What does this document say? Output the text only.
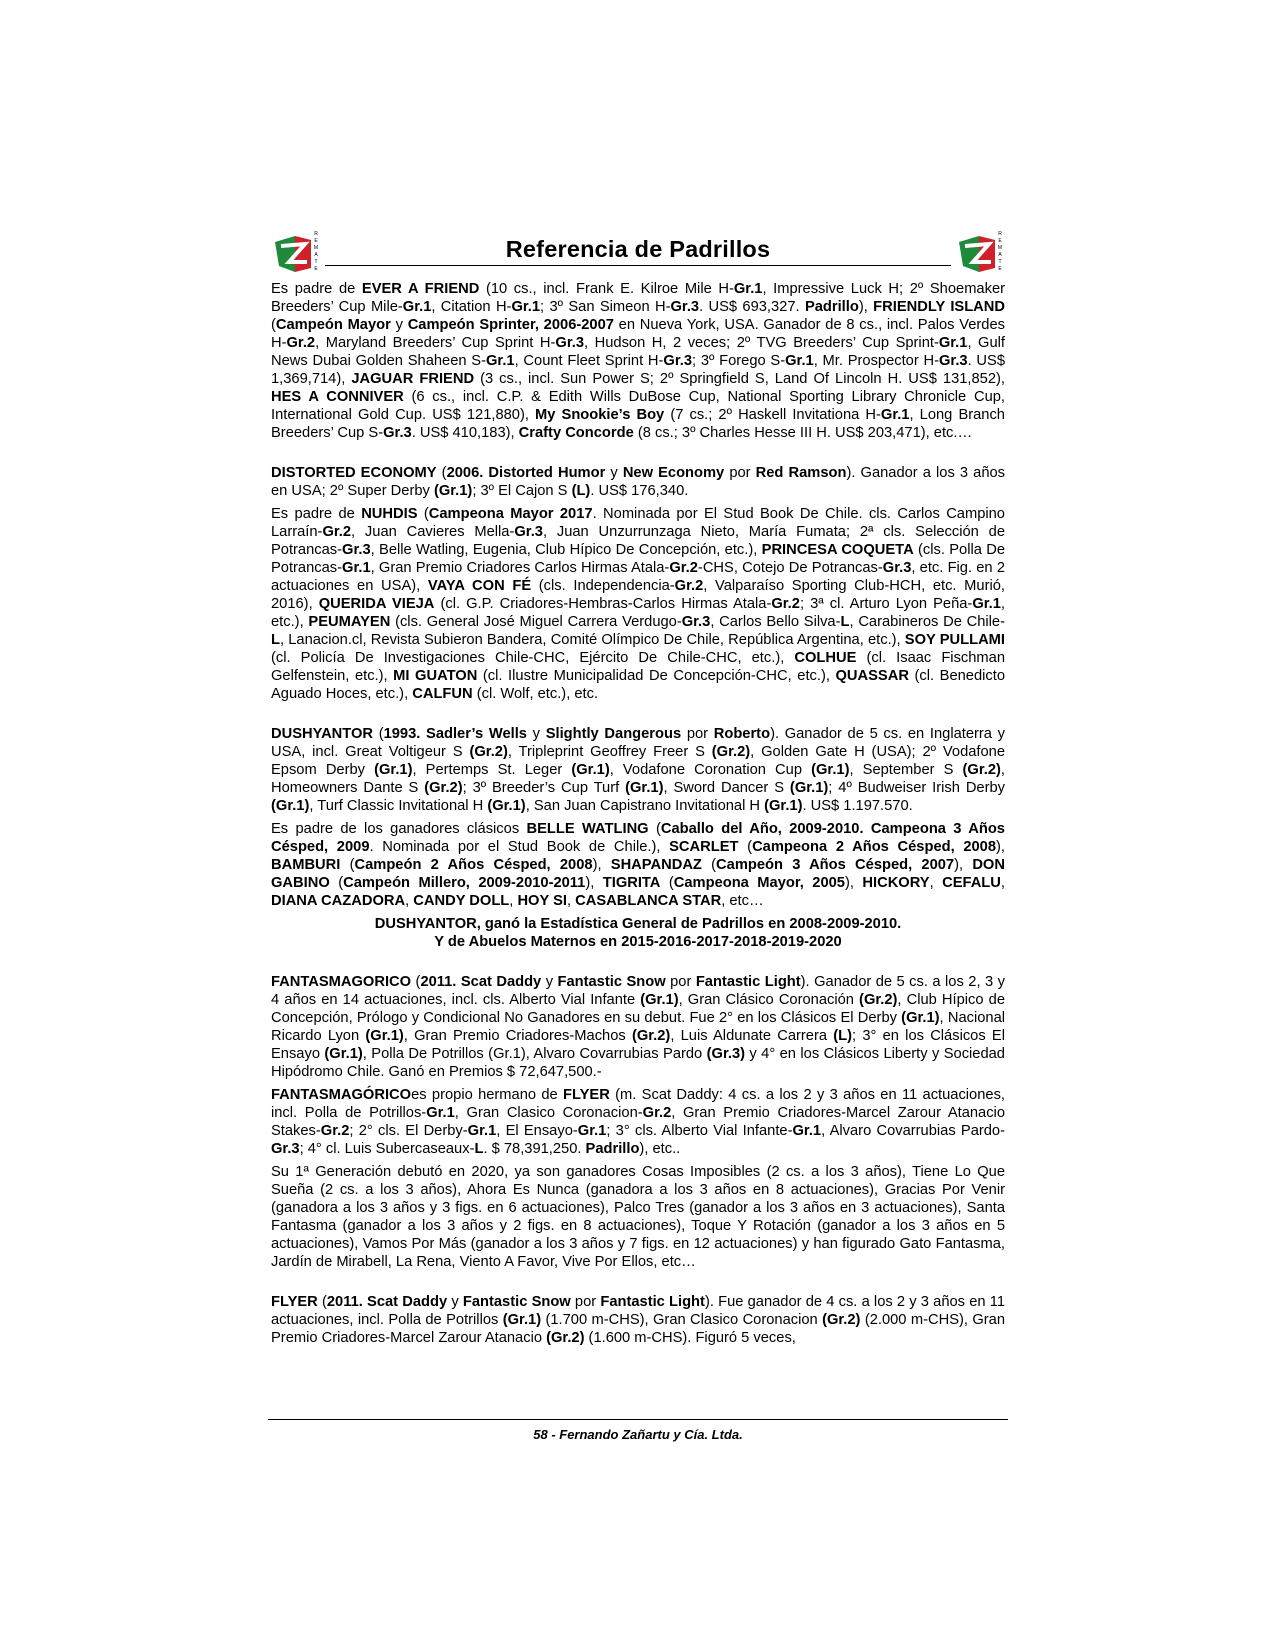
R
E
M
A
T
E
Referencia de Padrillos
R
E
M
A
T
E

Es padre de EVER A FRIEND (10 cs., incl. Frank E. Kilroe Mile H-Gr.1, Impressive Luck H; 2º Shoemaker Breeders’ Cup Mile-Gr.1, Citation H-Gr.1; 3º San Simeon H-Gr.3. US$ 693,327. Padrillo), FRIENDLY ISLAND (Campeón Mayor y Campeón Sprinter, 2006-2007 en Nueva York, USA. Ganador de 8 cs., incl. Palos Verdes H-Gr.2, Maryland Breeders’ Cup Sprint H-Gr.3, Hudson H, 2 veces; 2º TVG Breeders’ Cup Sprint-Gr.1, Gulf News Dubai Golden Shaheen S-Gr.1, Count Fleet Sprint H-Gr.3; 3º Forego S-Gr.1, Mr. Prospector H-Gr.3. US$ 1,369,714), JAGUAR FRIEND (3 cs., incl. Sun Power S; 2º Springfield S, Land Of Lincoln H. US$ 131,852), HES A CONNIVER (6 cs., incl. C.P. & Edith Wills DuBose Cup, National Sporting Library Chronicle Cup, International Gold Cup. US$ 121,880), My Snookie’s Boy (7 cs.; 2º Haskell Invitationa H-Gr.1, Long Branch Breeders’ Cup S-Gr.3. US$ 410,183), Crafty Concorde (8 cs.; 3º Charles Hesse III H. US$ 203,471), etc.…

DISTORTED ECONOMY (2006. Distorted Humor y New Economy por Red Ramson). Ganador a los 3 años en USA; 2º Super Derby (Gr.1); 3º El Cajon S (L). US$ 176,340.

Es padre de NUHDIS (Campeona Mayor 2017. Nominada por El Stud Book De Chile. cls. Carlos Campino Larraín-Gr.2, Juan Cavieres Mella-Gr.3, Juan Unzurrunzaga Nieto, María Fumata; 2ª cls. Selección de Potrancas-Gr.3, Belle Watling, Eugenia, Club Hípico De Concepción, etc.), PRINCESA COQUETA (cls. Polla De Potrancas-Gr.1, Gran Premio Criadores Carlos Hirmas Atala-Gr.2-CHS, Cotejo De Potrancas-Gr.3, etc. Fig. en 2 actuaciones en USA), VAYA CON FÉ (cls. Independencia-Gr.2, Valparaíso Sporting Club-HCH, etc. Murió, 2016), QUERIDA VIEJA (cl. G.P. Criadores-Hembras-Carlos Hirmas Atala-Gr.2; 3ª cl. Arturo Lyon Peña-Gr.1, etc.), PEUMAYEN (cls. General José Miguel Carrera Verdugo-Gr.3, Carlos Bello Silva-L, Carabineros De Chile-L, Lanacion.cl, Revista Subieron Bandera, Comité Olímpico De Chile, República Argentina, etc.), SOY PULLAMI (cl. Policía De Investigaciones Chile-CHC, Ejército De Chile-CHC, etc.), COLHUE (cl. Isaac Fischman Gelfenstein, etc.), MI GUATON (cl. Ilustre Municipalidad De Concepción-CHC, etc.), QUASSAR (cl. Benedicto Aguado Hoces, etc.), CALFUN (cl. Wolf, etc.), etc.

DUSHYANTOR (1993. Sadler’s Wells y Slightly Dangerous por Roberto). Ganador de 5 cs. en Inglaterra y USA, incl. Great Voltigeur S (Gr.2), Tripleprint Geoffrey Freer S (Gr.2), Golden Gate H (USA); 2º Vodafone Epsom Derby (Gr.1), Pertemps St. Leger (Gr.1), Vodafone Coronation Cup (Gr.1), September S (Gr.2), Homeowners Dante S (Gr.2); 3º Breeder’s Cup Turf (Gr.1), Sword Dancer S (Gr.1); 4º Budweiser Irish Derby (Gr.1), Turf Classic Invitational H (Gr.1), San Juan Capistrano Invitational H (Gr.1). US$ 1.197.570.

Es padre de los ganadores clásicos BELLE WATLING (Caballo del Año, 2009-2010. Campeona 3 Años Césped, 2009. Nominada por el Stud Book de Chile.), SCARLET (Campeona 2 Años Césped, 2008), BAMBURI (Campeón 2 Años Césped, 2008), SHAPANDAZ (Campeón 3 Años Césped, 2007), DON GABINO (Campeón Millero, 2009-2010-2011), TIGRITA (Campeona Mayor, 2005), HICKORY, CEFALU, DIANA CAZADORA, CANDY DOLL, HOY SI, CASABLANCA STAR, etc…

DUSHYANTOR, ganó la Estadística General de Padrillos en 2008-2009-2010.

Y de Abuelos Maternos en 2015-2016-2017-2018-2019-2020

FANTASMAGORICO (2011. Scat Daddy y Fantastic Snow por Fantastic Light). Ganador de 5 cs. a los 2, 3 y 4 años en 14 actuaciones, incl. cls. Alberto Vial Infante (Gr.1), Gran Clásico Coronación (Gr.2), Club Hípico de Concepción, Prólogo y Condicional No Ganadores en su debut. Fue 2° en los Clásicos El Derby (Gr.1), Nacional Ricardo Lyon (Gr.1), Gran Premio Criadores-Machos (Gr.2), Luis Aldunate Carrera (L); 3° en los Clásicos El Ensayo (Gr.1), Polla De Potrillos (Gr.1), Alvaro Covarrubias Pardo (Gr.3) y 4° en los Clásicos Liberty y Sociedad Hipódromo Chile. Ganó en Premios $ 72,647,500.-

FANTASMAGÓRICOes propio hermano de FLYER (m. Scat Daddy: 4 cs. a los 2 y 3 años en 11 actuaciones, incl. Polla de Potrillos-Gr.1, Gran Clasico Coronacion-Gr.2, Gran Premio Criadores-Marcel Zarour Atanacio Stakes-Gr.2; 2° cls. El Derby-Gr.1, El Ensayo-Gr.1; 3° cls. Alberto Vial Infante-Gr.1, Alvaro Covarrubias Pardo-Gr.3; 4° cl. Luis Subercaseaux-L. $ 78,391,250. Padrillo), etc..

Su 1ª Generación debutó en 2020, ya son ganadores Cosas Imposibles (2 cs. a los 3 años), Tiene Lo Que Sueña (2 cs. a los 3 años), Ahora Es Nunca (ganadora a los 3 años en 8 actuaciones), Gracias Por Venir (ganadora a los 3 años y 3 figs. en 6 actuaciones), Palco Tres (ganador a los 3 años en 3 actuaciones), Santa Fantasma (ganador a los 3 años y 2 figs. en 8 actuaciones), Toque Y Rotación (ganador a los 3 años en 5 actuaciones), Vamos Por Más (ganador a los 3 años y 7 figs. en 12 actuaciones) y han figurado Gato Fantasma, Jardín de Mirabell, La Rena, Viento A Favor, Vive Por Ellos, etc…

FLYER (2011. Scat Daddy y Fantastic Snow por Fantastic Light). Fue ganador de 4 cs. a los 2 y 3 años en 11 actuaciones, incl. Polla de Potrillos (Gr.1) (1.700 m-CHS), Gran Clasico Coronacion (Gr.2) (2.000 m-CHS), Gran Premio Criadores-Marcel Zarour Atanacio (Gr.2) (1.600 m-CHS). Figuró 5 veces,

58 - Fernando Zañartu y Cía. Ltda.
